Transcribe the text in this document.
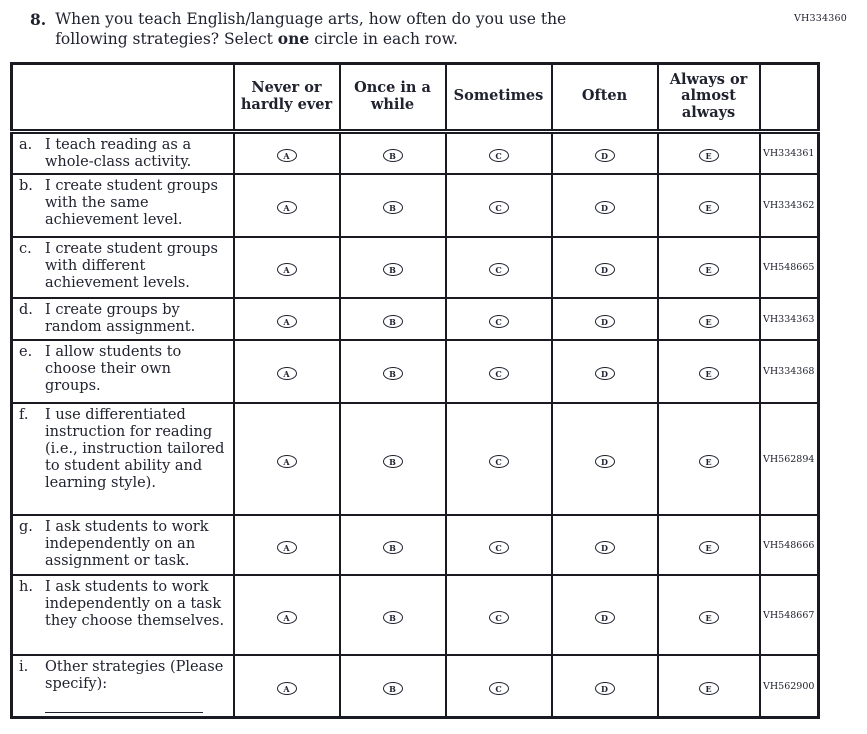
VH334360
8. When you teach English/language arts, how often do you use the following strategies? Select one circle in each row.
	Never or hardly ever	Once in a while	Sometimes	Often	Always or almost always	

a. I teach reading as a whole-class activity.	A	B	C	D	E	VH334361

b. I create student groups with the same achievement level.	A	B	C	D	E	VH334362

c. I create student groups with different achievement levels.	A	B	C	D	E	VH548665

d. I create groups by random assignment.	A	B	C	D	E	VH334363

e. I allow students to choose their own groups.	A	B	C	D	E	VH334368

f. I use differentiated instruction for reading (i.e., instruction tailored to student ability and learning style).	A	B	C	D	E	VH562894

g. I ask students to work independently on an assignment or task.	A	B	C	D	E	VH548666

h. I ask students to work independently on a task they choose themselves.	A	B	C	D	E	VH548667

i. Other strategies (Please specify):	A	B	C	D	E	VH562900
